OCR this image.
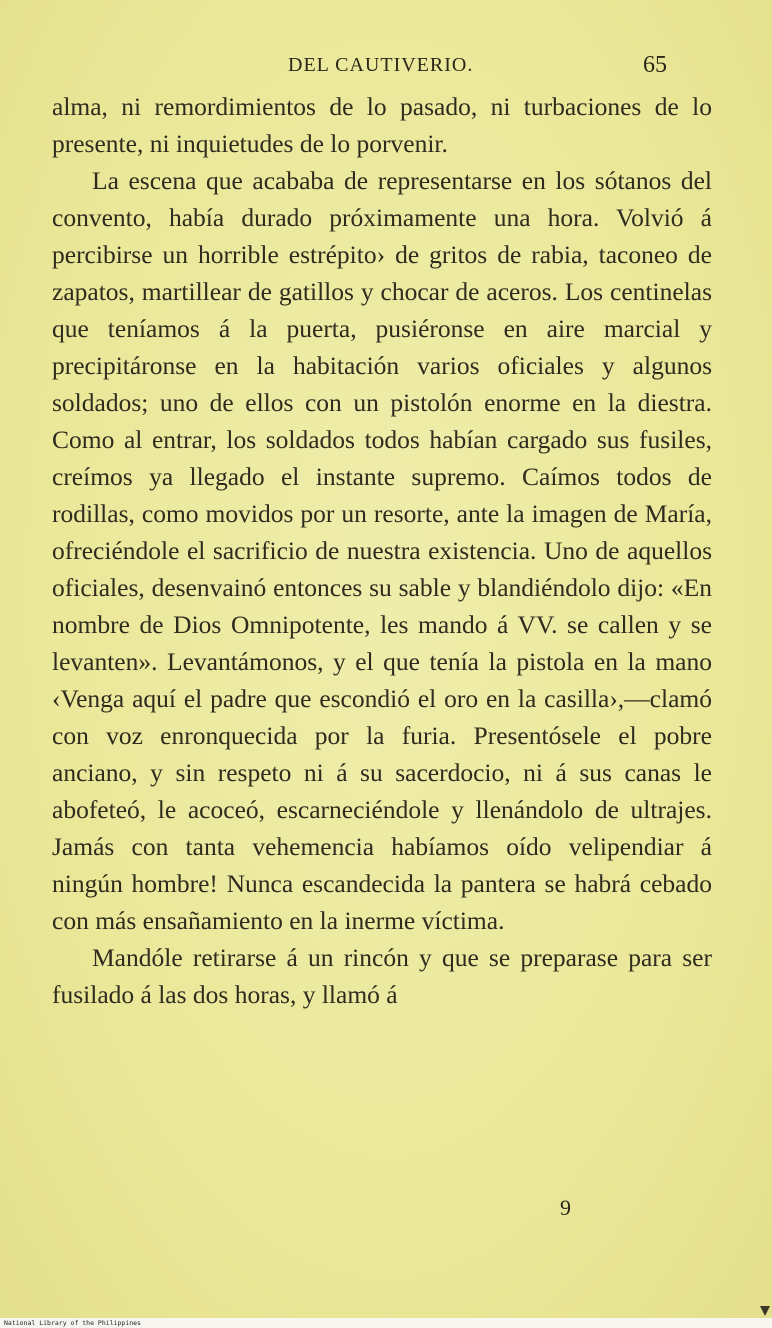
DEL CAUTIVERIO.	65

alma, ni remordimientos de lo pasado, ni turbaciones de lo presente, ni inquietudes de lo porvenir.

La escena que acababa de representarse en los sótanos del convento, había durado próximamente una hora. Volvió á percibirse un horrible estrépito› de gritos de rabia, taconeo de zapatos, martillear de gatillos y chocar de aceros. Los centinelas que teníamos á la puerta, pusiéronse en aire marcial y precipitáronse en la habitación varios oficiales y algunos soldados; uno de ellos con un pistolón enorme en la diestra. Como al entrar, los soldados todos habían cargado sus fusiles, creímos ya llegado el instante supremo. Caímos todos de rodillas, como movidos por un resorte, ante la imagen de María, ofreciéndole el sacrificio de nuestra existencia. Uno de aquellos oficiales, desenvainó entonces su sable y blandiéndolo dijo: «En nombre de Dios Omnipotente, les mando á VV. se callen y se levanten». Levantámonos, y el que tenía la pistola en la mano ‹Venga aquí el padre que escondió el oro en la casilla›,—clamó con voz enronquecida por la furia. Presentósele el pobre anciano, y sin respeto ni á su sacerdocio, ni á sus canas le abofeteó, le acoceó, escarneciéndole y llenándolo de ultrajes. Jamás con tanta vehemencia habíamos oído velipendiar á ningún hombre! Nunca escandecida la pantera se habrá cebado con más ensañamiento en la inerme víctima.

Mandóle retirarse á un rincón y que se preparase para ser fusilado á las dos horas, y llamó á

9
National Library of the Philippines
